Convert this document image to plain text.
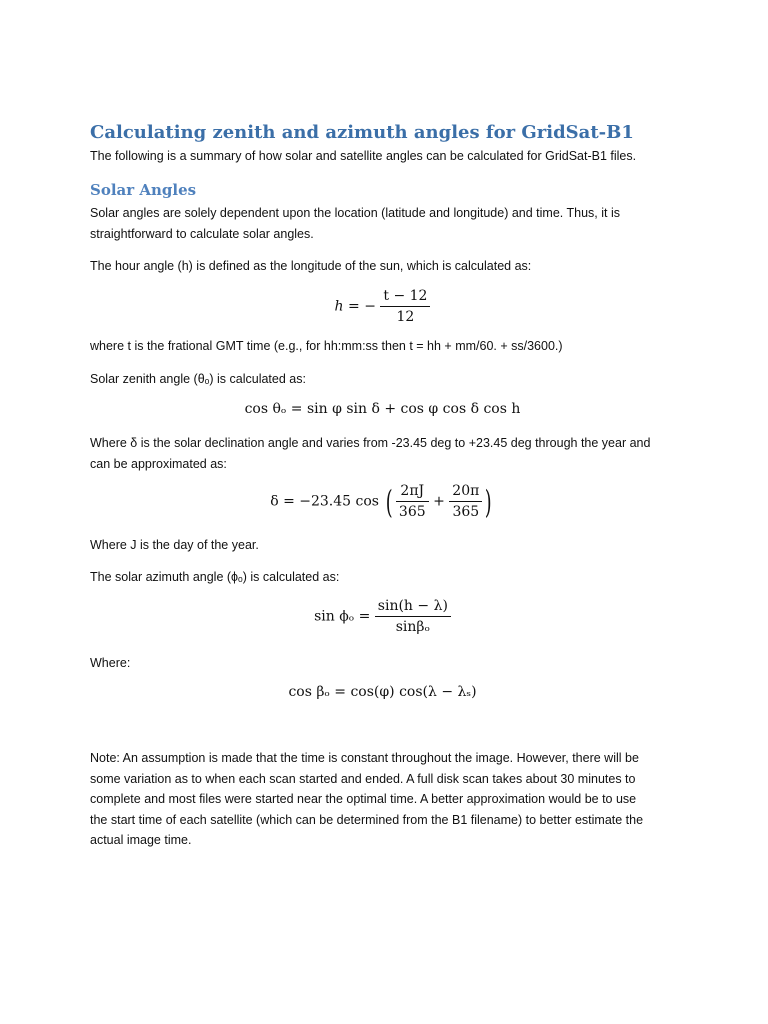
Calculating zenith and azimuth angles for GridSat-B1
The following is a summary of how solar and satellite angles can be calculated for GridSat-B1 files.
Solar Angles
Solar angles are solely dependent upon the location (latitude and longitude) and time. Thus, it is
straightforward to calculate solar angles.
The hour angle (h) is defined as the longitude of the sun, which is calculated as:
h = − $\frac{t - 12}{12}$
where t is the frational GMT time (e.g., for hh:mm:ss then t = hh + mm/60. + ss/3600.)
Solar zenith angle (θₒ) is calculated as:
cos θₒ = sin φ sin δ + cos φ cos δ cos h
Where δ is the solar declination angle and varies from -23.45 deg to +23.45 deg through the year and
can be approximated as:
δ = −23.45 cos ( $\frac{2\pi J}{365} + \frac{20\pi}{365}$ )
Where J is the day of the year.
The solar azimuth angle (ϕₒ) is calculated as:
$\sin \phi_o = \frac{\sin(h - \lambda)}{\text{sinβₒ}}$
Where:
cos βₒ = cos(φ) cos(λ − λₛ)
Note: An assumption is made that the time is constant throughout the image. However, there will be
some variation as to when each scan started and ended. A full disk scan takes about 30 minutes to
complete and most files were started near the optimal time. A better approximation would be to use
the start time of each satellite (which can be determined from the B1 filename) to better estimate the
actual image time.
